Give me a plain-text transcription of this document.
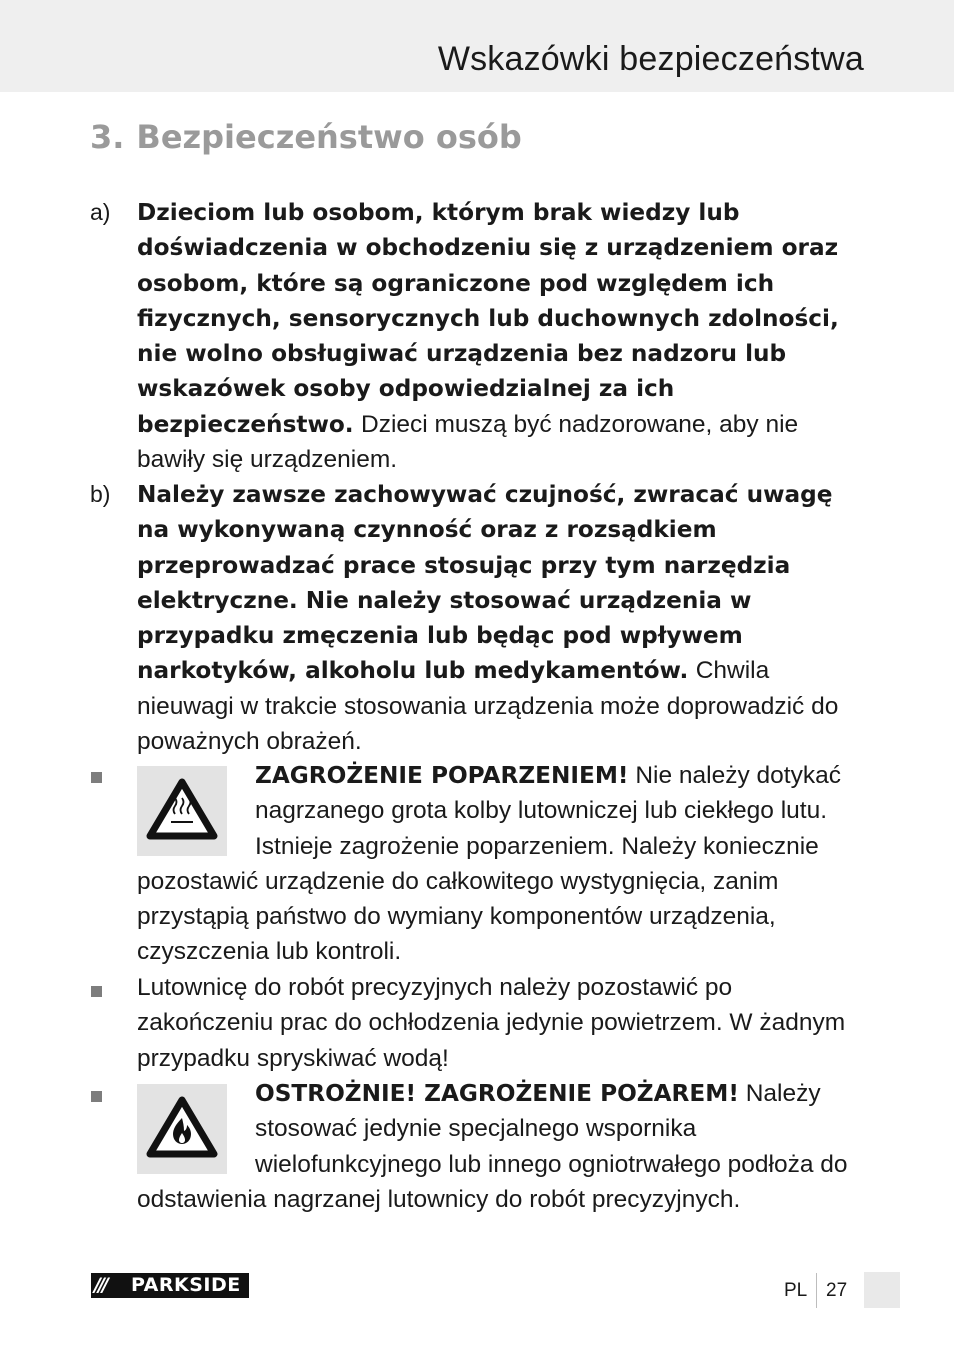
Wskazówki bezpieczeństwa
3. Bezpieczeństwo osób
a) Dzieciom lub osobom, którym brak wiedzy lub doświadczenia w obchodzeniu się z urządzeniem oraz osobom, które są ograniczone pod względem ich fizycznych, sensorycznych lub duchownych zdolności, nie wolno obsługiwać urządzenia bez nadzoru lub wskazówek osoby odpowiedzialnej za ich bezpieczeństwo. Dzieci muszą być nadzorowane, aby nie bawiły się urządzeniem.
b) Należy zawsze zachowywać czujność, zwracać uwagę na wykonywaną czynność oraz z rozsądkiem przeprowadzać prace stosując przy tym narzędzia elektryczne. Nie należy stosować urządzenia w przypadku zmęczenia lub będąc pod wpływem narkotyków, alkoholu lub medykamentów. Chwila nieuwagi w trakcie stosowania urządzenia może doprowadzić do poważnych obrażeń.
ZAGROŻENIE POPARZENIEM! Nie należy dotykać nagrzanego grota kolby lutowniczej lub ciekłego lutu. Istnieje zagrożenie poparzeniem. Należy koniecznie pozostawić urządzenie do całkowitego wystygnięcia, zanim przystąpią państwo do wymiany komponentów urządzenia, czyszczenia lub kontroli.
Lutownicę do robót precyzyjnych należy pozostawić po zakończeniu prac do ochłodzenia jedynie powietrzem. W żadnym przypadku spryskiwać wodą!
OSTROŻNIE! ZAGROŻENIE POŻAREM! Należy stosować jedynie specjalnego wspornika wielofunkcyjnego lub innego ogniotrwałego podłoża do odstawienia nagrzanej lutownicy do robót precyzyjnych.
/// PARKSIDE	PL 27
